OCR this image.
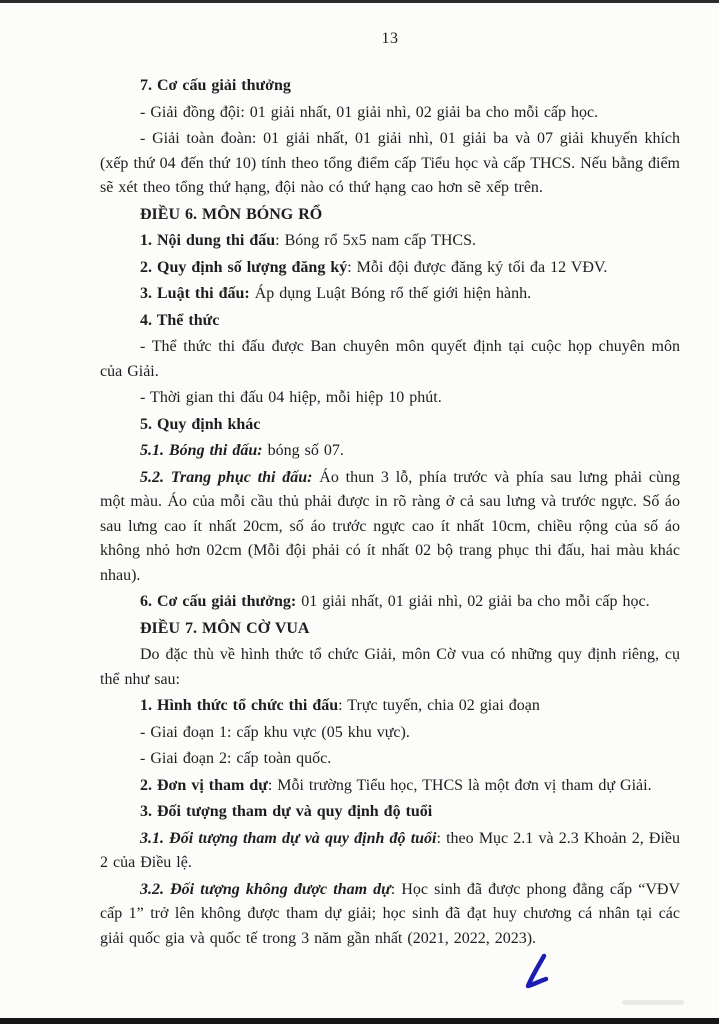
13

7. Cơ cấu giải thưởng

- Giải đồng đội: 01 giải nhất, 01 giải nhì, 02 giải ba cho mỗi cấp học.

- Giải toàn đoàn: 01 giải nhất, 01 giải nhì, 01 giải ba và 07 giải khuyến khích (xếp thứ 04 đến thứ 10) tính theo tổng điểm cấp Tiểu học và cấp THCS. Nếu bằng điểm sẽ xét theo tổng thứ hạng, đội nào có thứ hạng cao hơn sẽ xếp trên.

ĐIỀU 6. MÔN BÓNG RỔ

1. Nội dung thi đấu: Bóng rổ 5x5 nam cấp THCS.

2. Quy định số lượng đăng ký: Mỗi đội được đăng ký tối đa 12 VĐV.

3. Luật thi đấu: Áp dụng Luật Bóng rổ thế giới hiện hành.

4. Thể thức

- Thể thức thi đấu được Ban chuyên môn quyết định tại cuộc họp chuyên môn của Giải.

- Thời gian thi đấu 04 hiệp, mỗi hiệp 10 phút.

5. Quy định khác

5.1. Bóng thi đấu: bóng số 07.

5.2. Trang phục thi đấu: Áo thun 3 lỗ, phía trước và phía sau lưng phải cùng một màu. Áo của mỗi cầu thủ phải được in rõ ràng ở cả sau lưng và trước ngực. Số áo sau lưng cao ít nhất 20cm, số áo trước ngực cao ít nhất 10cm, chiều rộng của số áo không nhỏ hơn 02cm (Mỗi đội phải có ít nhất 02 bộ trang phục thi đấu, hai màu khác nhau).

6. Cơ cấu giải thưởng: 01 giải nhất, 01 giải nhì, 02 giải ba cho mỗi cấp học.

ĐIỀU 7. MÔN CỜ VUA

Do đặc thù về hình thức tổ chức Giải, môn Cờ vua có những quy định riêng, cụ thể như sau:

1. Hình thức tổ chức thi đấu: Trực tuyến, chia 02 giai đoạn

- Giai đoạn 1: cấp khu vực (05 khu vực).

- Giai đoạn 2: cấp toàn quốc.

2. Đơn vị tham dự: Mỗi trường Tiểu học, THCS là một đơn vị tham dự Giải.

3. Đối tượng tham dự và quy định độ tuổi

3.1. Đối tượng tham dự và quy định độ tuổi: theo Mục 2.1 và 2.3 Khoản 2, Điều 2 của Điều lệ.

3.2. Đối tượng không được tham dự: Học sinh đã được phong đẳng cấp “VĐV cấp 1” trở lên không được tham dự giải; học sinh đã đạt huy chương cá nhân tại các giải quốc gia và quốc tế trong 3 năm gần nhất (2021, 2022, 2023).
